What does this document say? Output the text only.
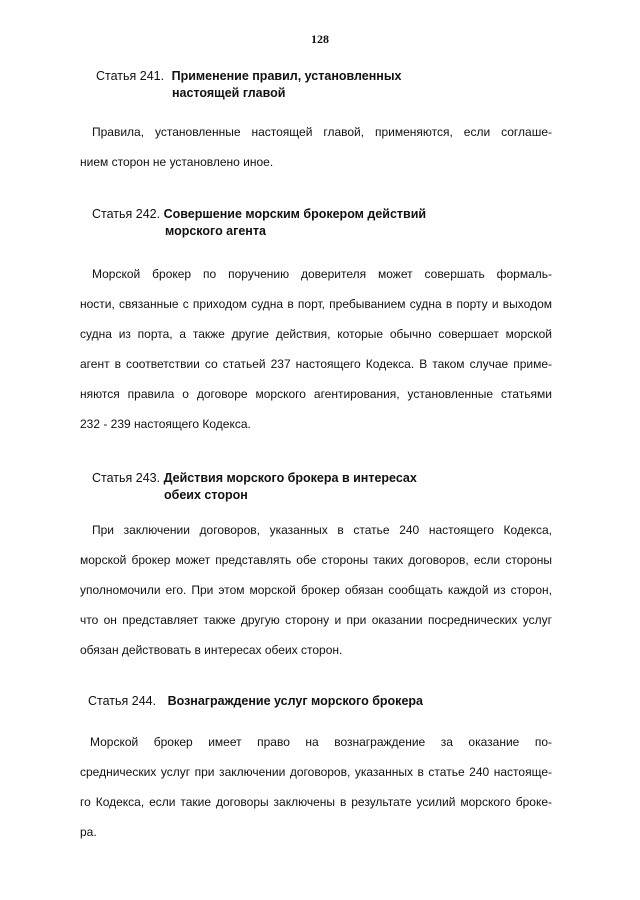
128
Статья 241. Применение правил, установленных
настоящей главой
Правила, установленные настоящей главой, применяются, если соглаше-
нием сторон не установлено иное.
Статья 242. Совершение морским брокером действий
морского агента
Морской брокер по поручению доверителя может совершать формаль-
ности, связанные с приходом судна в порт, пребыванием судна в порту и выходом
судна из порта, а также другие действия, которые обычно совершает морской
агент в соответствии со статьей 237 настоящего Кодекса. В таком случае приме-
няются правила о договоре морского агентирования, установленные статьями
232 - 239 настоящего Кодекса.
Статья 243. Действия морского брокера в интересах
обеих сторон
При заключении договоров, указанных в статье 240 настоящего Кодекса,
морской брокер может представлять обе стороны таких договоров, если стороны
уполномочили его. При этом морской брокер обязан сообщать каждой из сторон,
что он представляет также другую сторону и при оказании посреднических услуг
обязан действовать в интересах обеих сторон.
Статья 244. Вознаграждение услуг морского брокера
Морской брокер имеет право на вознаграждение за оказание по-
среднических услуг при заключении договоров, указанных в статье 240 настояще-
го Кодекса, если такие договоры заключены в результате усилий морского броке-
ра.
